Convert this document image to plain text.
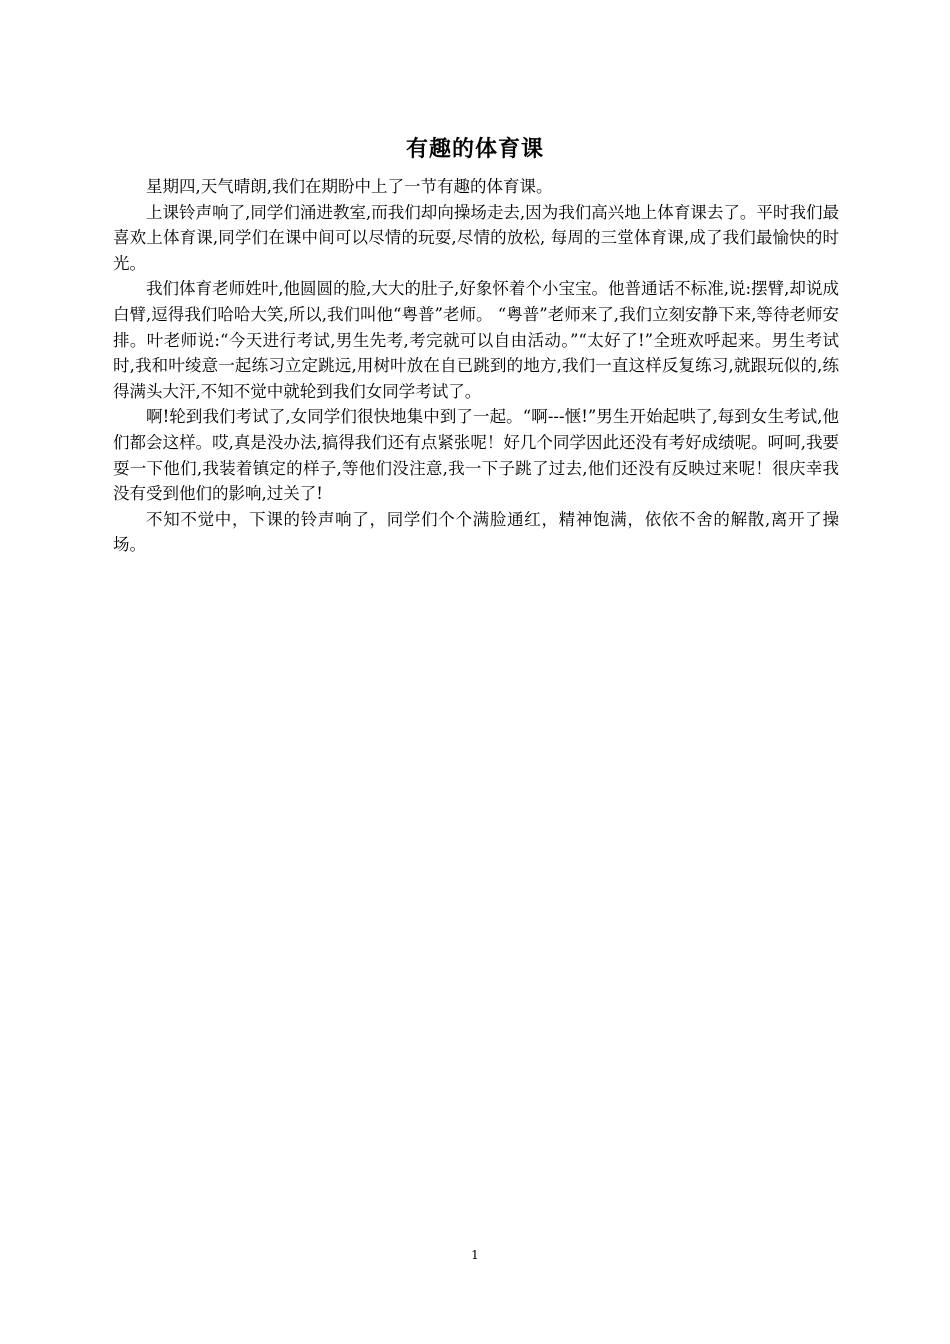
有趣的体育课

星期四,天气晴朗,我们在期盼中上了一节有趣的体育课。

上课铃声响了,同学们涌进教室,而我们却向操场走去,因为我们高兴地上体育课去了。平时我们最喜欢上体育课,同学们在课中间可以尽情的玩耍,尽情的放松, 每周的三堂体育课,成了我们最愉快的时光。

我们体育老师姓叶,他圆圆的脸,大大的肚子,好象怀着个小宝宝。他普通话不标准,说:摆臂,却说成白臂,逗得我们哈哈大笑,所以,我们叫他“粤普”老师。 “粤普”老师来了,我们立刻安静下来,等待老师安排。叶老师说:“今天进行考试,男生先考,考完就可以自由活动。”“太好了!”全班欢呼起来。男生考试时,我和叶绫意一起练习立定跳远,用树叶放在自已跳到的地方,我们一直这样反复练习,就跟玩似的,练得满头大汗,不知不觉中就轮到我们女同学考试了。

啊!轮到我们考试了,女同学们很快地集中到了一起。“啊---惬!”男生开始起哄了,每到女生考试,他们都会这样。哎,真是没办法,搞得我们还有点紧张呢！好几个同学因此还没有考好成绩呢。呵呵,我要耍一下他们,我装着镇定的样子,等他们没注意,我一下子跳了过去,他们还没有反映过来呢！很庆幸我没有受到他们的影响,过关了!

不知不觉中，下课的铃声响了，同学们个个满脸通红，精神饱满，依依不舍的解散,离开了操场。

1
